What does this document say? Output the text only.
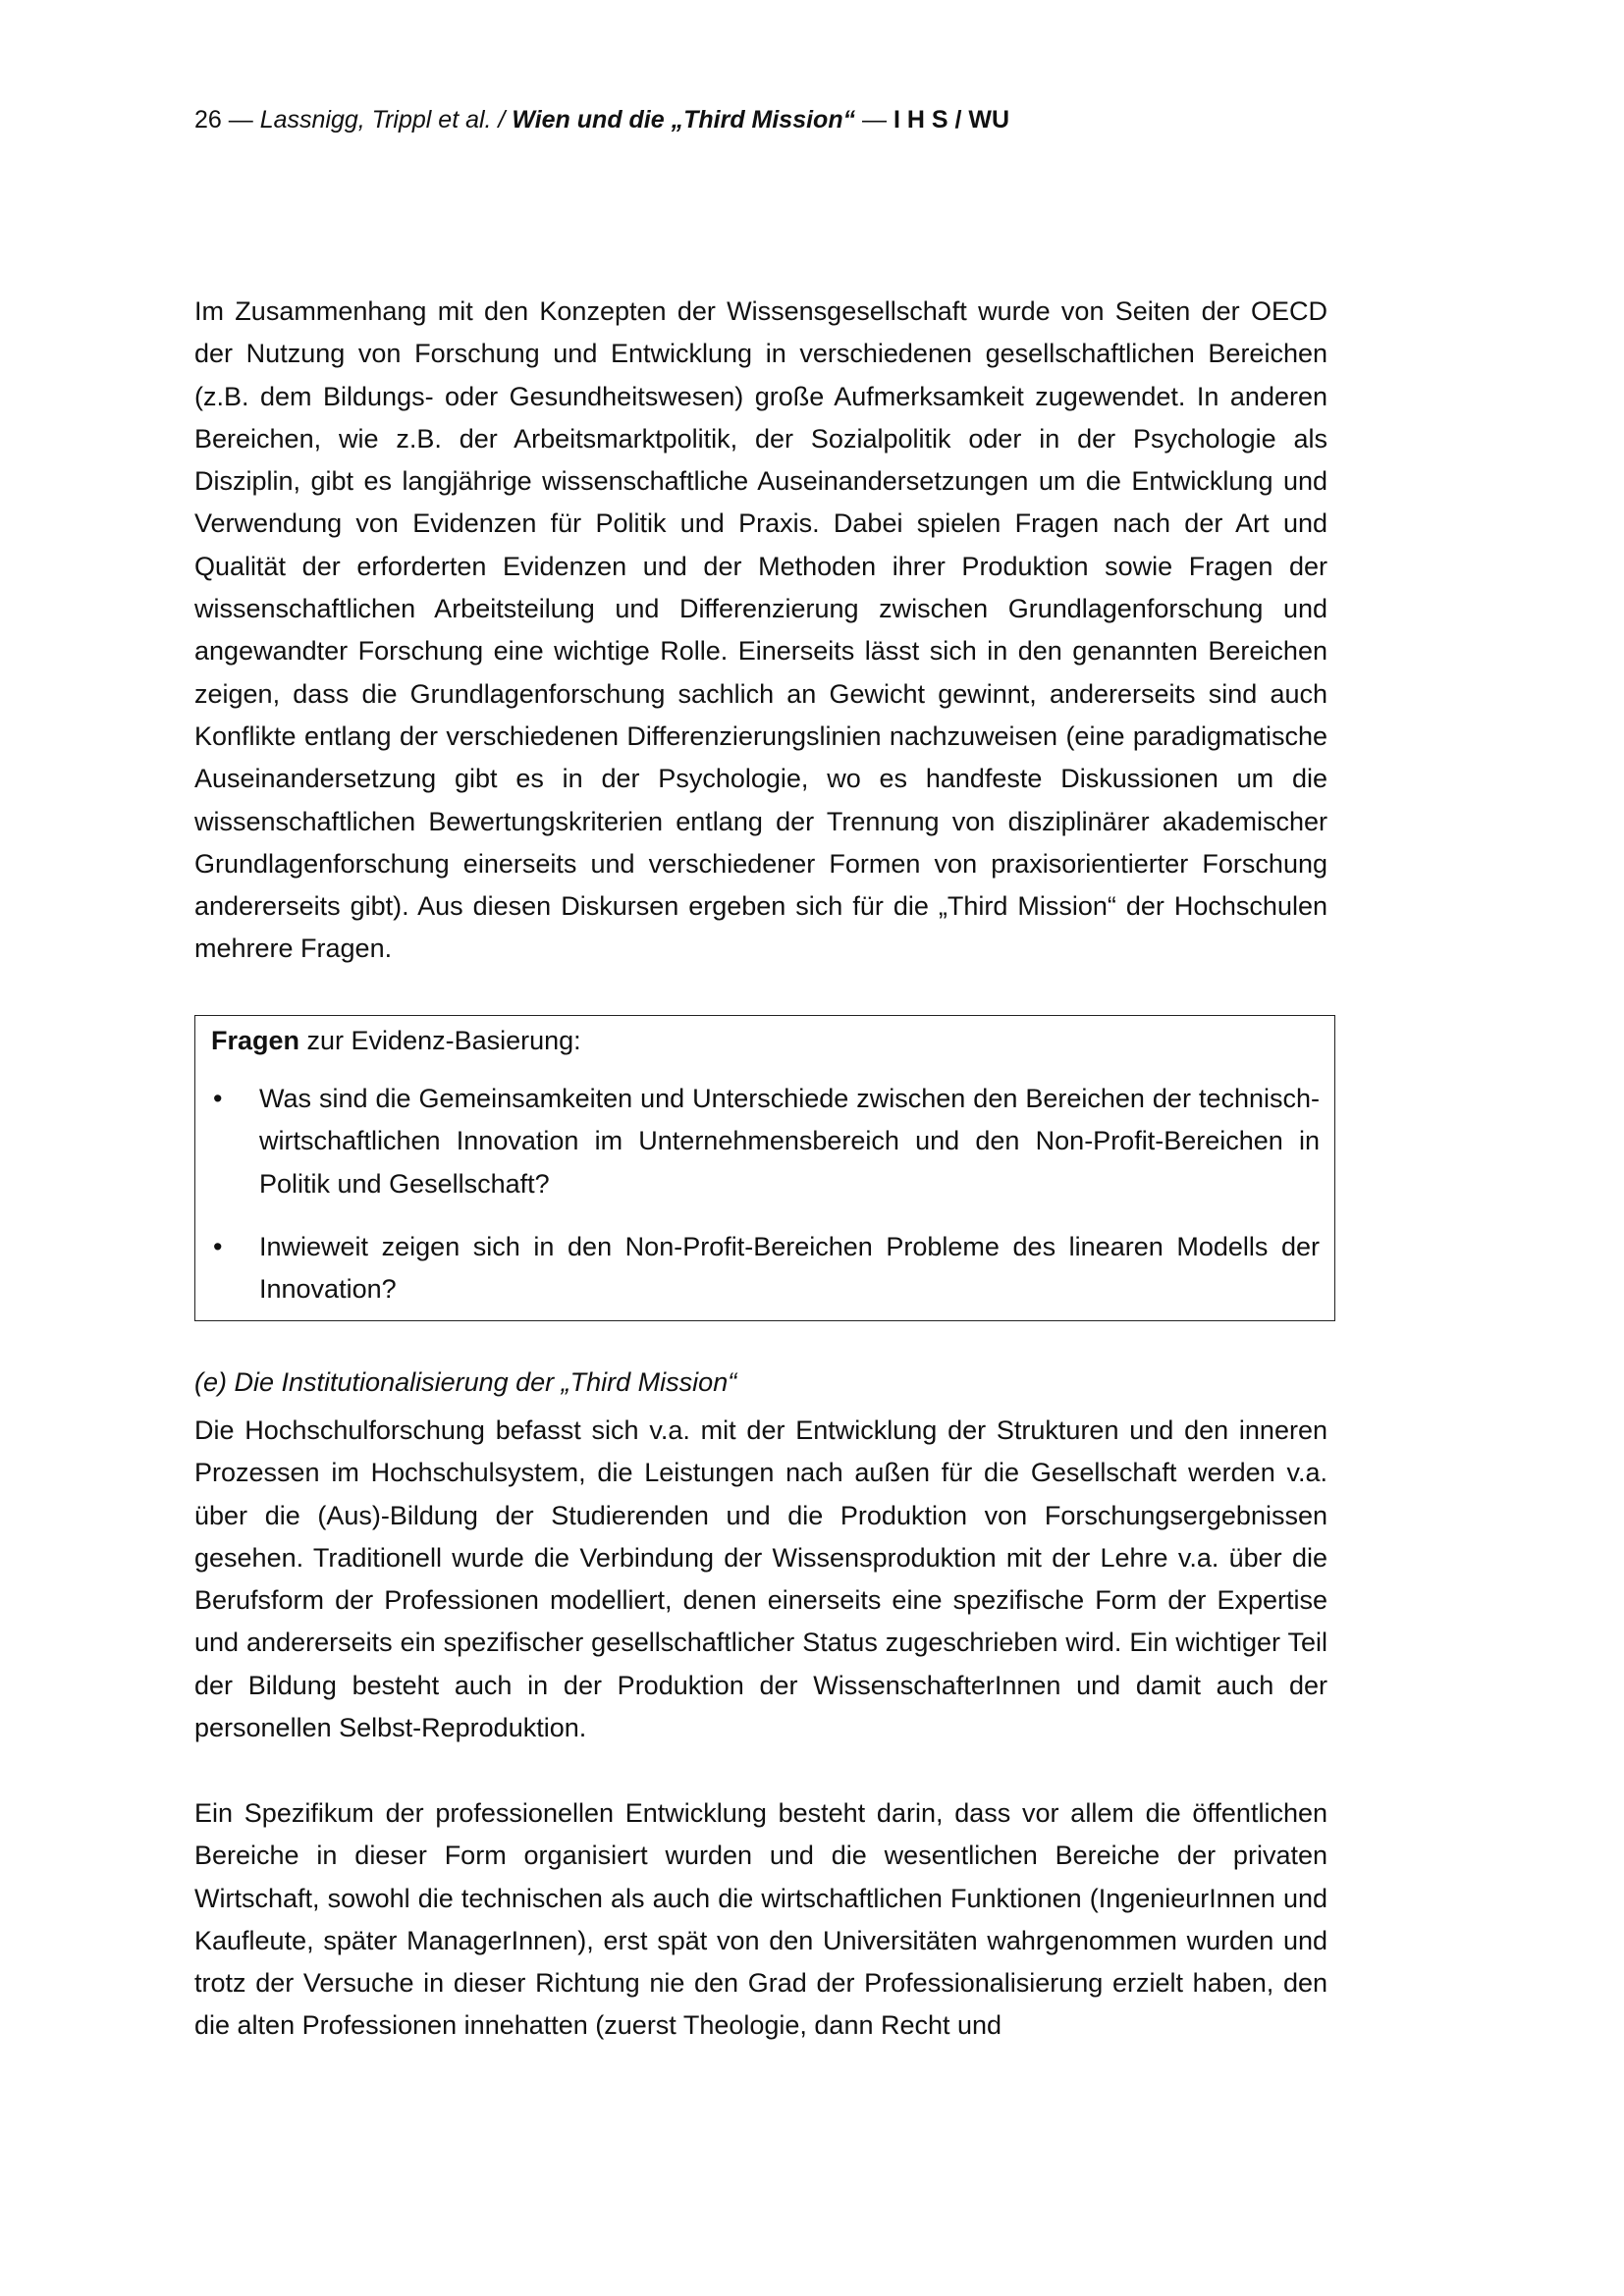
26 — Lassnigg, Trippl et al. / Wien und die „Third Mission“ — I H S / WU

Im Zusammenhang mit den Konzepten der Wissensgesellschaft wurde von Seiten der OECD der Nutzung von Forschung und Entwicklung in verschiedenen gesellschaftlichen Bereichen (z.B. dem Bildungs- oder Gesundheitswesen) große Aufmerksamkeit zugewendet. In anderen Bereichen, wie z.B. der Arbeitsmarktpolitik, der Sozialpolitik oder in der Psychologie als Disziplin, gibt es langjährige wissenschaftliche Auseinandersetzungen um die Entwicklung und Verwendung von Evidenzen für Politik und Praxis. Dabei spielen Fragen nach der Art und Qualität der erforderten Evidenzen und der Methoden ihrer Produktion sowie Fragen der wissenschaftlichen Arbeitsteilung und Differenzierung zwischen Grundlagenforschung und angewandter Forschung eine wichtige Rolle. Einerseits lässt sich in den genannten Bereichen zeigen, dass die Grundlagenforschung sachlich an Gewicht gewinnt, andererseits sind auch Konflikte entlang der verschiedenen Differenzierungslinien nachzuweisen (eine paradigmatische Auseinandersetzung gibt es in der Psychologie, wo es handfeste Diskussionen um die wissenschaftlichen Bewertungskriterien entlang der Trennung von disziplinärer akademischer Grundlagenforschung einerseits und verschiedener Formen von praxisorientierter Forschung andererseits gibt). Aus diesen Diskursen ergeben sich für die „Third Mission“ der Hochschulen mehrere Fragen.

Fragen zur Evidenz-Basierung:
• Was sind die Gemeinsamkeiten und Unterschiede zwischen den Bereichen der technisch-wirtschaftlichen Innovation im Unternehmensbereich und den Non-Profit-Bereichen in Politik und Gesellschaft?

• Inwieweit zeigen sich in den Non-Profit-Bereichen Probleme des linearen Modells der Innovation?

(e) Die Institutionalisierung der „Third Mission“

Die Hochschulforschung befasst sich v.a. mit der Entwicklung der Strukturen und den inneren Prozessen im Hochschulsystem, die Leistungen nach außen für die Gesellschaft werden v.a. über die (Aus)-Bildung der Studierenden und die Produktion von Forschungsergebnissen gesehen. Traditionell wurde die Verbindung der Wissensproduktion mit der Lehre v.a. über die Berufsform der Professionen modelliert, denen einerseits eine spezifische Form der Expertise und andererseits ein spezifischer gesellschaftlicher Status zugeschrieben wird. Ein wichtiger Teil der Bildung besteht auch in der Produktion der WissenschafterInnen und damit auch der personellen Selbst-Reproduktion.

Ein Spezifikum der professionellen Entwicklung besteht darin, dass vor allem die öffentlichen Bereiche in dieser Form organisiert wurden und die wesentlichen Bereiche der privaten Wirtschaft, sowohl die technischen als auch die wirtschaftlichen Funktionen (IngenieurInnen und Kaufleute, später ManagerInnen), erst spät von den Universitäten wahrgenommen wurden und trotz der Versuche in dieser Richtung nie den Grad der Professionalisierung erzielt haben, den die alten Professionen innehatten (zuerst Theologie, dann Recht und
